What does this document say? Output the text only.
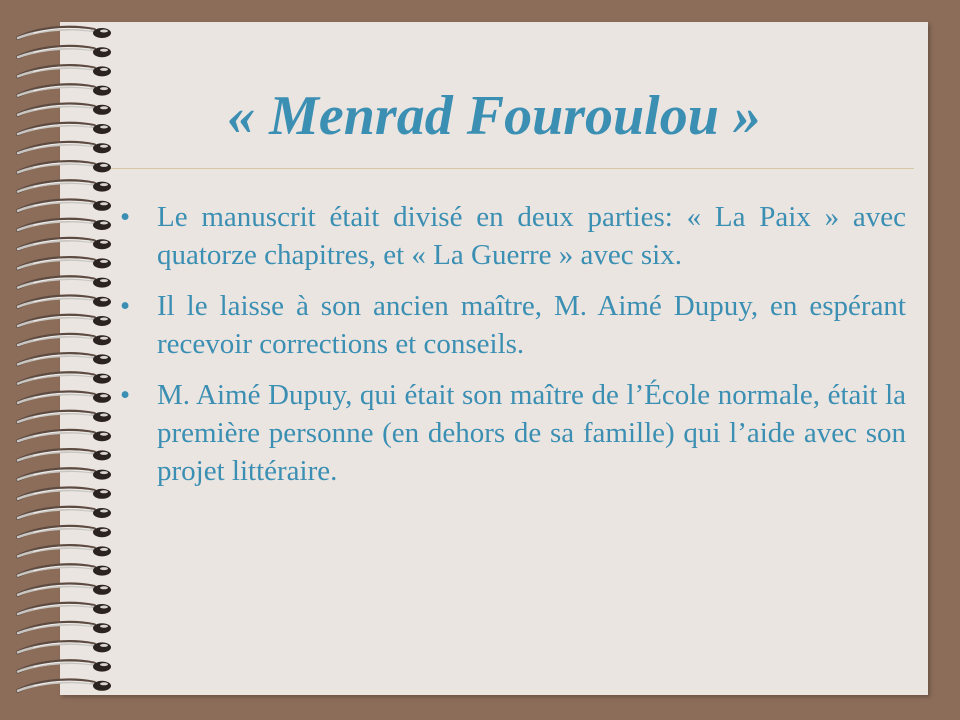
« Menrad Fouroulou »
• Le manuscrit était divisé en deux parties: « La Paix » avec quatorze chapitres, et « La Guerre » avec six.
• Il le laisse à son ancien maître, M. Aimé Dupuy, en espérant recevoir corrections et conseils.
• M. Aimé Dupuy, qui était son maître de l’École normale, était la première personne (en dehors de sa famille) qui l’aide avec son projet littéraire.
